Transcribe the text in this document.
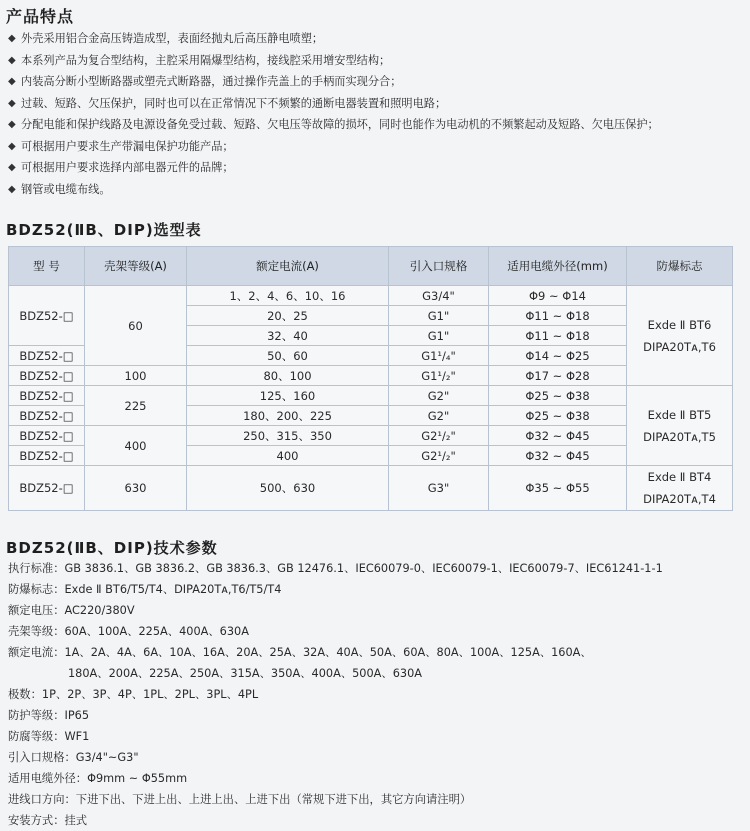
产品特点
◆ 外壳采用铝合金高压铸造成型，表面经抛丸后高压静电喷塑；
◆ 本系列产品为复合型结构，主腔采用隔爆型结构，接线腔采用增安型结构；
◆ 内装高分断小型断路器或塑壳式断路器，通过操作壳盖上的手柄而实现分合；
◆ 过载、短路、欠压保护，同时也可以在正常情况下不频繁的通断电器装置和照明电路；
◆ 分配电能和保护线路及电源设备免受过载、短路、欠电压等故障的损坏，同时也能作为电动机的不频繁起动及短路、欠电压保护；
◆ 可根据用户要求生产带漏电保护功能产品；
◆ 可根据用户要求选择内部电器元件的品牌；
◆ 钢管或电缆布线。
BDZ52(ⅡB、DIP)选型表
型 号	壳架等级(A)	额定电流(A)	引入口规格	适用电缆外径(mm)	防爆标志
BDZ52-□	60	1、2、4、6、10、16	G3/4"	Φ9 ~ Φ14	Exde Ⅱ BT6
DIPA20Tᴀ,T6

		20、25	G1"	Φ11 ~ Φ18	
		32、40	G1"	Φ11 ~ Φ18	
BDZ52-□		50、60	G1¹/₄"	Φ14 ~ Φ25	
BDZ52-□	100	80、100	G1¹/₂"	Φ17 ~ Φ28	
BDZ52-□	225	125、160	G2"	Φ25 ~ Φ38	Exde Ⅱ BT5
DIPA20Tᴀ,T5

BDZ52-□		180、200、225	G2"	Φ25 ~ Φ38	
BDZ52-□	400	250、315、350	G2¹/₂"	Φ32 ~ Φ45	
BDZ52-□		400	G2¹/₂"	Φ32 ~ Φ45	
BDZ52-□	630	500、630	G3"	Φ35 ~ Φ55	Exde Ⅱ BT4
DIPA20Tᴀ,T4
BDZ52(ⅡB、DIP)技术参数
执行标准：GB 3836.1、GB 3836.2、GB 3836.3、GB 12476.1、IEC60079-0、IEC60079-1、IEC60079-7、IEC61241-1-1
防爆标志：Exde Ⅱ BT6/T5/T4、DIPA20Tᴀ,T6/T5/T4
额定电压：AC220/380V
壳架等级：60A、100A、225A、400A、630A
额定电流：1A、2A、4A、6A、10A、16A、20A、25A、32A、40A、50A、60A、80A、100A、125A、160A、
180A、200A、225A、250A、315A、350A、400A、500A、630A
极数：1P、2P、3P、4P、1PL、2PL、3PL、4PL
防护等级：IP65
防腐等级：WF1
引入口规格：G3/4"~G3"
适用电缆外径：Φ9mm ~ Φ55mm
进线口方向：下进下出、下进上出、上进上出、上进下出（常规下进下出，其它方向请注明）
安装方式：挂式
